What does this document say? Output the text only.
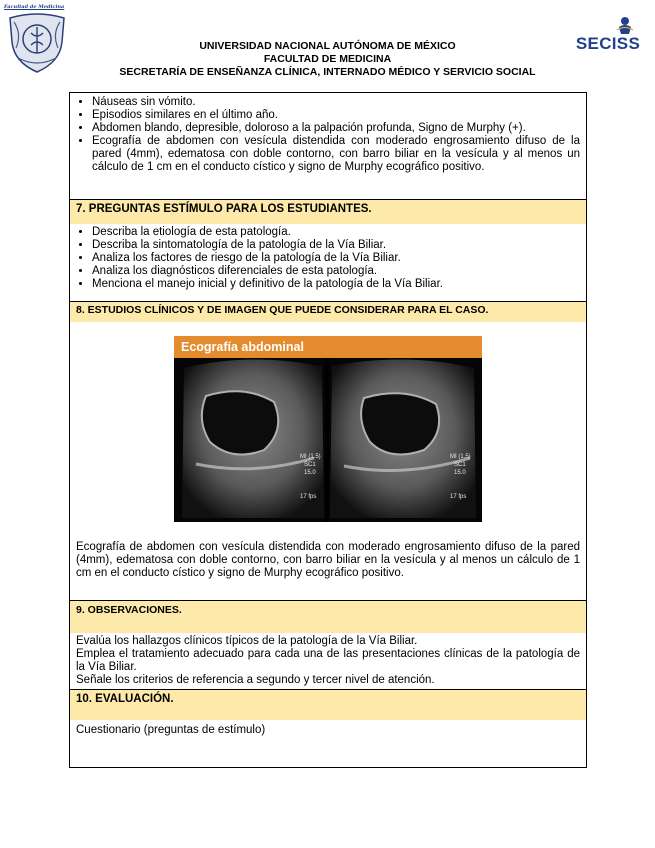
Facultad de Medicina
SECISS
UNIVERSIDAD NACIONAL AUTÓNOMA DE MÉXICO
FACULTAD DE MEDICINA
SECRETARÍA DE ENSEÑANZA CLÍNICA, INTERNADO MÉDICO Y SERVICIO SOCIAL
• Náuseas sin vómito.
• Episodios similares en el último año.
• Abdomen blando, depresible, doloroso a la palpación profunda, Signo de Murphy (+).
• Ecografía de abdomen con vesícula distendida con moderado engrosamiento difuso de la pared (4mm), edematosa con doble contorno, con barro biliar en la vesícula y al menos un cálculo de 1 cm en el conducto cístico y signo de Murphy ecográfico positivo.
7. PREGUNTAS ESTÍMULO PARA LOS ESTUDIANTES.
• Describa la etiología de esta patología.
• Describa la sintomatología de la patología de la Vía Biliar.
• Analiza los factores de riesgo de la patología de la Vía Biliar.
• Analiza los diagnósticos diferenciales de esta patología.
• Menciona el manejo inicial y definitivo de la patología de la Vía Biliar.
8. ESTUDIOS CLÍNICOS Y DE IMAGEN QUE PUEDE CONSIDERAR PARA EL CASO.
Ecografía abdominal
MI (1.5)
SC1
15.0
17 fps
MI (1.5)
SC1
15.0
17 fps
Ecografía de abdomen con vesícula distendida con moderado engrosamiento difuso de la pared (4mm), edematosa con doble contorno, con barro biliar en la vesícula y al menos un cálculo de 1 cm en el conducto cístico y signo de Murphy ecográfico positivo.
9. OBSERVACIONES.
Evalúa los hallazgos clínicos típicos de la patología de la Vía Biliar.
Emplea el tratamiento adecuado para cada una de las presentaciones clínicas de la patología de la Vía Biliar.
Señale los criterios de referencia a segundo y tercer nivel de atención.
10. EVALUACIÓN.
Cuestionario (preguntas de estímulo)
